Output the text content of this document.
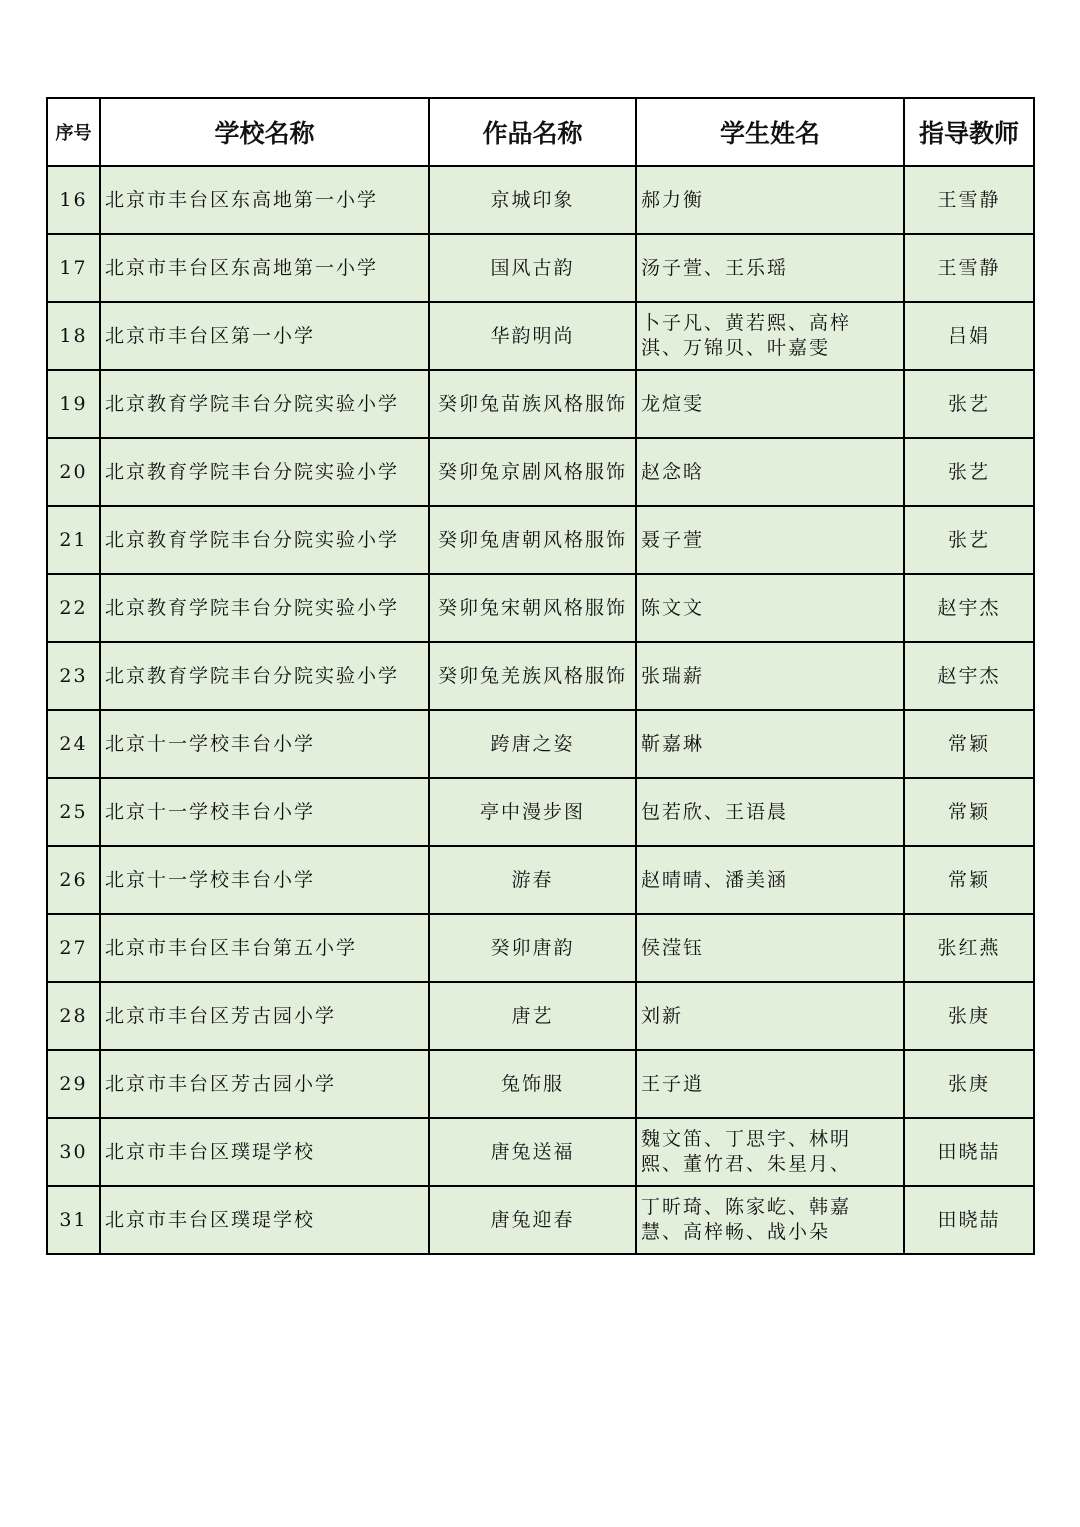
序号	学校名称	作品名称	学生姓名	指导教师
16	北京市丰台区东高地第一小学	京城印象	郝力衡	王雪静
17	北京市丰台区东高地第一小学	国风古韵	汤子萱、王乐瑶	王雪静
18	北京市丰台区第一小学	华韵明尚	卜子凡、黄若熙、高梓淇、万锦贝、叶嘉雯	吕娟
19	北京教育学院丰台分院实验小学	癸卯兔苗族风格服饰	龙煊雯	张艺
20	北京教育学院丰台分院实验小学	癸卯兔京剧风格服饰	赵念晗	张艺
21	北京教育学院丰台分院实验小学	癸卯兔唐朝风格服饰	聂子萱	张艺
22	北京教育学院丰台分院实验小学	癸卯兔宋朝风格服饰	陈文文	赵宇杰
23	北京教育学院丰台分院实验小学	癸卯兔羌族风格服饰	张瑞薪	赵宇杰
24	北京十一学校丰台小学	跨唐之姿	靳嘉琳	常颖
25	北京十一学校丰台小学	亭中漫步图	包若欣、王语晨	常颖
26	北京十一学校丰台小学	游春	赵晴晴、潘美涵	常颖
27	北京市丰台区丰台第五小学	癸卯唐韵	侯滢钰	张红燕
28	北京市丰台区芳古园小学	唐艺	刘新	张庚
29	北京市丰台区芳古园小学	兔饰服	王子逍	张庚
30	北京市丰台区璞瑅学校	唐兔送福	魏文笛、丁思宇、林明熙、董竹君、朱星月、	田晓喆
31	北京市丰台区璞瑅学校	唐兔迎春	丁昕琦、陈家屹、韩嘉慧、高梓畅、战小朵	田晓喆
